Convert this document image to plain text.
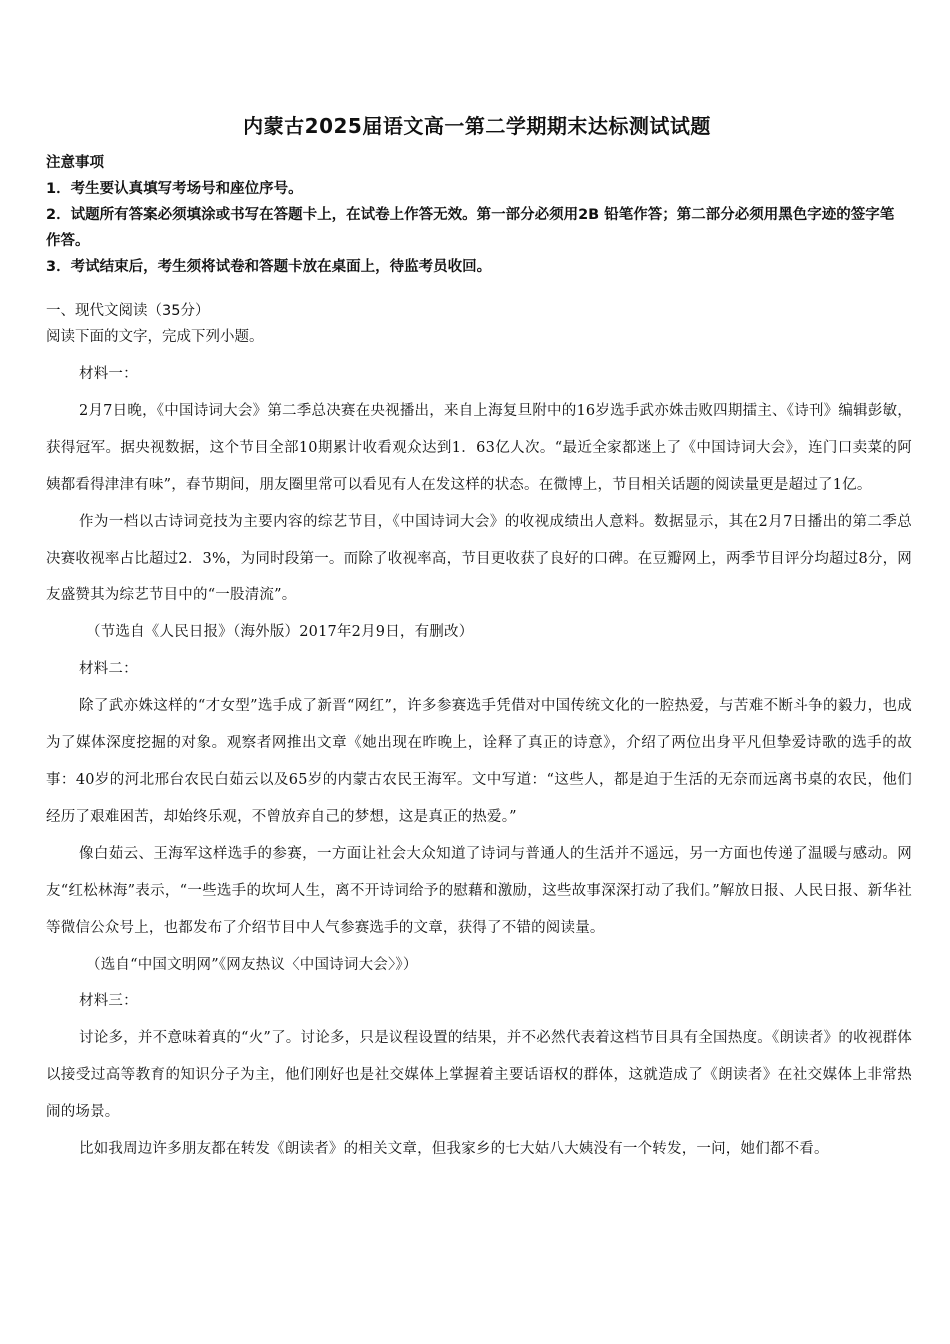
内蒙古2025届语文高一第二学期期末达标测试试题

注意事项

1．考生要认真填写考场号和座位序号。

2．试题所有答案必须填涂或书写在答题卡上，在试卷上作答无效。第一部分必须用2B 铅笔作答；第二部分必须用黑色字迹的签字笔作答。

3．考试结束后，考生须将试卷和答题卡放在桌面上，待监考员收回。

一、现代文阅读（35分）

阅读下面的文字，完成下列小题。

材料一：

2月7日晚，《中国诗词大会》第二季总决赛在央视播出，来自上海复旦附中的16岁选手武亦姝击败四期擂主、《诗刊》编辑彭敏，获得冠军。据央视数据，这个节目全部10期累计收看观众达到1．63亿人次。“最近全家都迷上了《中国诗词大会》，连门口卖菜的阿姨都看得津津有味”，春节期间，朋友圈里常可以看见有人在发这样的状态。在微博上，节目相关话题的阅读量更是超过了1亿。

作为一档以古诗词竞技为主要内容的综艺节目，《中国诗词大会》的收视成绩出人意料。数据显示，其在2月7日播出的第二季总决赛收视率占比超过2．3%，为同时段第一。而除了收视率高，节目更收获了良好的口碑。在豆瓣网上，两季节目评分均超过8分，网友盛赞其为综艺节目中的“一股清流”。

（节选自《人民日报》（海外版）2017年2月9日，有删改）

材料二：

除了武亦姝这样的“才女型”选手成了新晋“网红”，许多参赛选手凭借对中国传统文化的一腔热爱，与苦难不断斗争的毅力，也成为了媒体深度挖掘的对象。观察者网推出文章《她出现在昨晚上，诠释了真正的诗意》，介绍了两位出身平凡但挚爱诗歌的选手的故事：40岁的河北邢台农民白茹云以及65岁的内蒙古农民王海军。文中写道：“这些人，都是迫于生活的无奈而远离书桌的农民，他们经历了艰难困苦，却始终乐观，不曾放弃自己的梦想，这是真正的热爱。”

像白茹云、王海军这样选手的参赛，一方面让社会大众知道了诗词与普通人的生活并不遥远，另一方面也传递了温暖与感动。网友“红松林海”表示，“一些选手的坎坷人生，离不开诗词给予的慰藉和激励，这些故事深深打动了我们。”解放日报、人民日报、新华社等微信公众号上，也都发布了介绍节目中人气参赛选手的文章，获得了不错的阅读量。

（选自“中国文明网”《网友热议〈中国诗词大会〉》）

材料三：

讨论多，并不意味着真的“火”了。讨论多，只是议程设置的结果，并不必然代表着这档节目具有全国热度。《朗读者》的收视群体以接受过高等教育的知识分子为主，他们刚好也是社交媒体上掌握着主要话语权的群体，这就造成了《朗读者》在社交媒体上非常热闹的场景。

比如我周边许多朋友都在转发《朗读者》的相关文章，但我家乡的七大姑八大姨没有一个转发，一问，她们都不看。
